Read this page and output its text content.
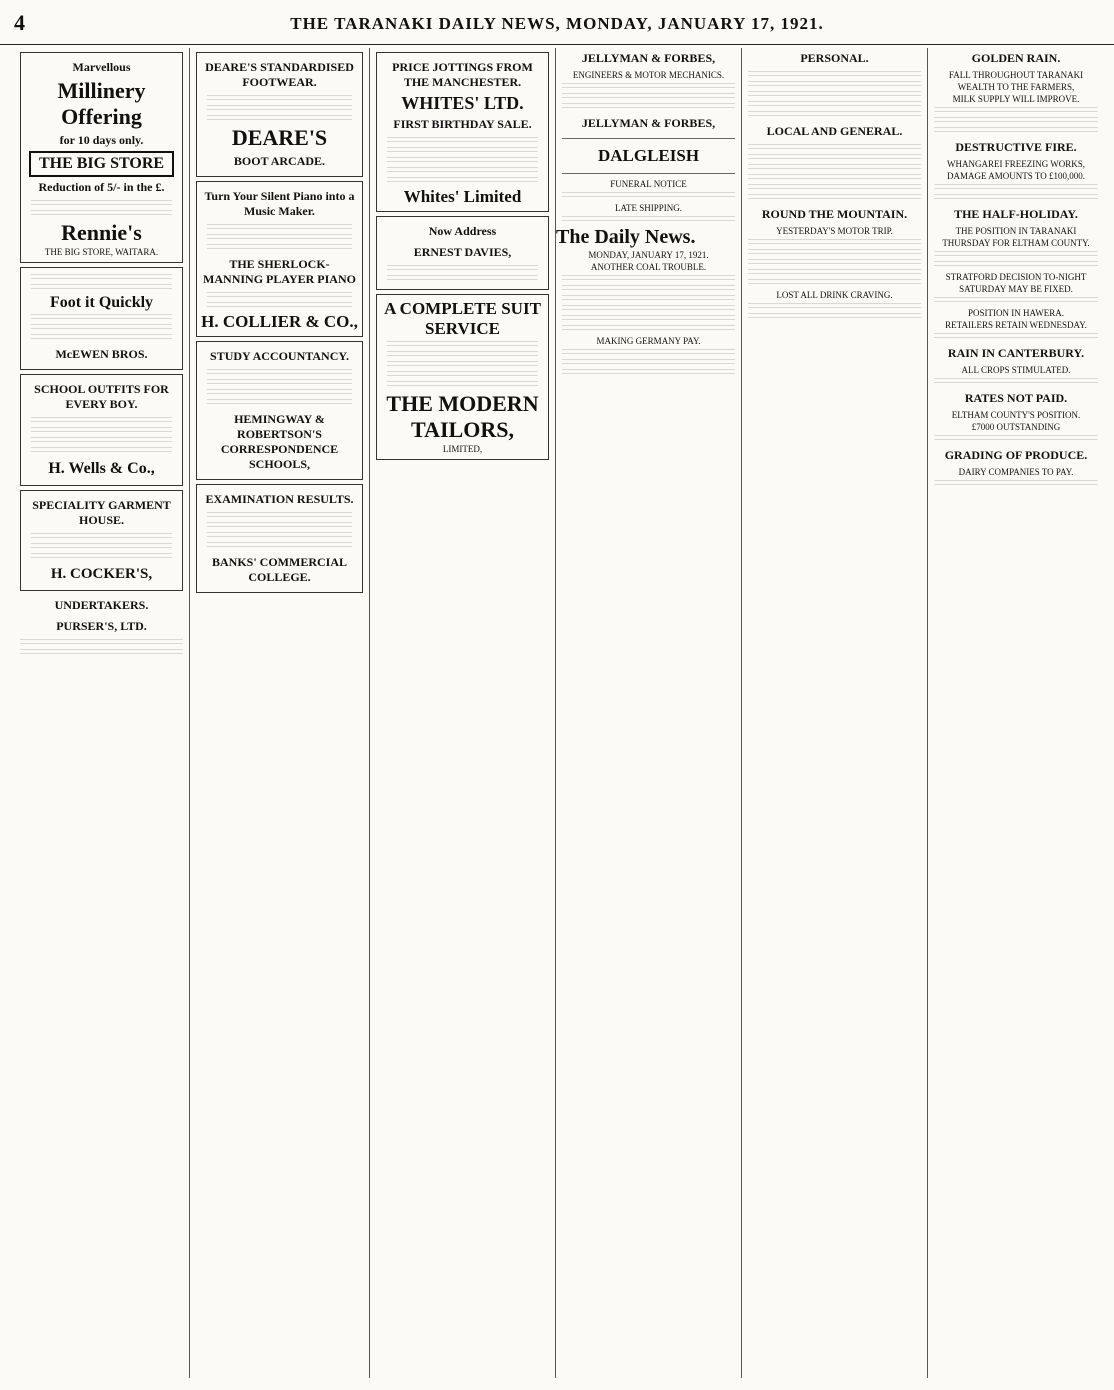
4	THE TARANAKI DAILY NEWS, MONDAY, JANUARY 17, 1921.
Marvellous
Millinery
Offering
for 10 days only.
THE BIG STORE
Reduction of 5/- in the £.
Rennie's
THE BIG STORE, WAITARA.
Foot it Quickly
McEWEN BROS.
SCHOOL OUTFITS FOR EVERY BOY.
H. Wells & Co.,
SPECIALITY GARMENT HOUSE.
H. COCKER'S,
UNDERTAKERS.
PURSER'S, LTD.
DEARE'S STANDARDISED FOOTWEAR.
DEARE'S
BOOT ARCADE.
Turn Your Silent Piano into a Music Maker.
THE SHERLOCK-MANNING PLAYER PIANO
H. COLLIER & CO.,
STUDY ACCOUNTANCY.
HEMINGWAY & ROBERTSON'S CORRESPONDENCE SCHOOLS,
EXAMINATION RESULTS.
BANKS' COMMERCIAL COLLEGE.
PRICE JOTTINGS FROM THE MANCHESTER.
WHITES' LTD.
FIRST BIRTHDAY SALE.
Whites' Limited
Now Address
ERNEST DAVIES,
A COMPLETE SUIT SERVICE
THE MODERN TAILORS,
LIMITED,
JELLYMAN & FORBES,
ENGINEERS & MOTOR MECHANICS.
JELLYMAN & FORBES,
DALGLEISH
FUNERAL NOTICE
LATE SHIPPING.
The Daily News.
MONDAY, JANUARY 17, 1921.
ANOTHER COAL TROUBLE.
MAKING GERMANY PAY.
PERSONAL.
LOCAL AND GENERAL.
ROUND THE MOUNTAIN.
YESTERDAY'S MOTOR TRIP.
LOST ALL DRINK CRAVING.
GOLDEN RAIN.
FALL THROUGHOUT TARANAKI
WEALTH TO THE FARMERS,
MILK SUPPLY WILL IMPROVE.
DESTRUCTIVE FIRE.
WHANGAREI FREEZING WORKS,
DAMAGE AMOUNTS TO £100,000.
THE HALF-HOLIDAY.
THE POSITION IN TARANAKI
THURSDAY FOR ELTHAM COUNTY.
STRATFORD DECISION TO-NIGHT
SATURDAY MAY BE FIXED.
POSITION IN HAWERA.
RETAILERS RETAIN WEDNESDAY.
RAIN IN CANTERBURY.
ALL CROPS STIMULATED.
RATES NOT PAID.
ELTHAM COUNTY'S POSITION.
£7000 OUTSTANDING
GRADING OF PRODUCE.
DAIRY COMPANIES TO PAY.
